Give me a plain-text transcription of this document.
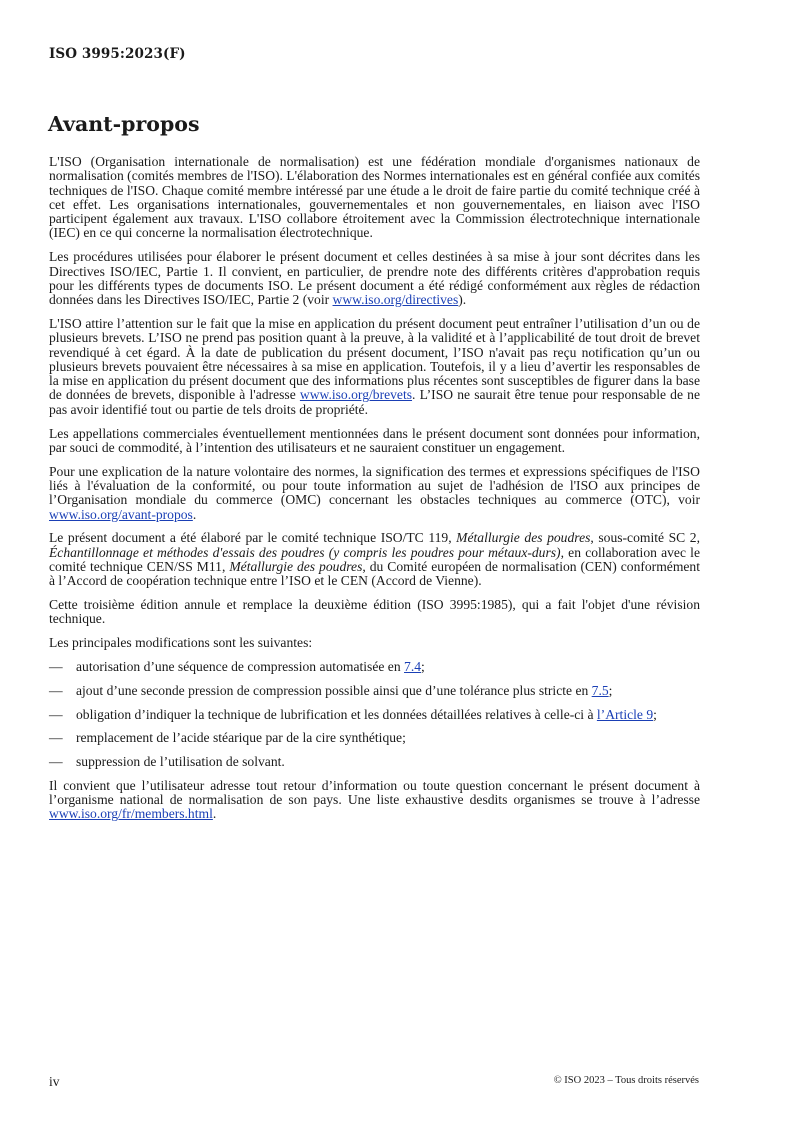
ISO 3995:2023(F)
Avant-propos

L'ISO (Organisation internationale de normalisation) est une fédération mondiale d'organismes nationaux de normalisation (comités membres de l'ISO). L'élaboration des Normes internationales est en général confiée aux comités techniques de l'ISO. Chaque comité membre intéressé par une étude a le droit de faire partie du comité technique créé à cet effet. Les organisations internationales, gouvernementales et non gouvernementales, en liaison avec l'ISO participent également aux travaux. L'ISO collabore étroitement avec la Commission électrotechnique internationale (IEC) en ce qui concerne la normalisation électrotechnique.

Les procédures utilisées pour élaborer le présent document et celles destinées à sa mise à jour sont décrites dans les Directives ISO/IEC, Partie 1. Il convient, en particulier, de prendre note des différents critères d'approbation requis pour les différents types de documents ISO. Le présent document a été rédigé conformément aux règles de rédaction données dans les Directives ISO/IEC, Partie 2 (voir www.iso.org/directives).

L'ISO attire l’attention sur le fait que la mise en application du présent document peut entraîner l’utilisation d’un ou de plusieurs brevets. L’ISO ne prend pas position quant à la preuve, à la validité et à l’applicabilité de tout droit de brevet revendiqué à cet égard. À la date de publication du présent document, l’ISO n'avait pas reçu notification qu’un ou plusieurs brevets pouvaient être nécessaires à sa mise en application. Toutefois, il y a lieu d’avertir les responsables de la mise en application du présent document que des informations plus récentes sont susceptibles de figurer dans la base de données de brevets, disponible à l'adresse www.iso.org/brevets. L’ISO ne saurait être tenue pour responsable de ne pas avoir identifié tout ou partie de tels droits de propriété.

Les appellations commerciales éventuellement mentionnées dans le présent document sont données pour information, par souci de commodité, à l’intention des utilisateurs et ne sauraient constituer un engagement.

Pour une explication de la nature volontaire des normes, la signification des termes et expressions spécifiques de l'ISO liés à l'évaluation de la conformité, ou pour toute information au sujet de l'adhésion de l'ISO aux principes de l’Organisation mondiale du commerce (OMC) concernant les obstacles techniques au commerce (OTC), voir www.iso.org/avant-propos.

Le présent document a été élaboré par le comité technique ISO/TC 119, Métallurgie des poudres, sous-comité SC 2, Échantillonnage et méthodes d'essais des poudres (y compris les poudres pour métaux-durs), en collaboration avec le comité technique CEN/SS M11, Métallurgie des poudres, du Comité européen de normalisation (CEN) conformément à l’Accord de coopération technique entre l’ISO et le CEN (Accord de Vienne).

Cette troisième édition annule et remplace la deuxième édition (ISO 3995:1985), qui a fait l'objet d'une révision technique.

Les principales modifications sont les suivantes:

— autorisation d’une séquence de compression automatisée en 7.4;
— ajout d’une seconde pression de compression possible ainsi que d’une tolérance plus stricte en 7.5;
— obligation d’indiquer la technique de lubrification et les données détaillées relatives à celle-ci à l’Article 9;
— remplacement de l’acide stéarique par de la cire synthétique;
— suppression de l’utilisation de solvant.

Il convient que l’utilisateur adresse tout retour d’information ou toute question concernant le présent document à l’organisme national de normalisation de son pays. Une liste exhaustive desdits organismes se trouve à l’adresse www.iso.org/fr/members.html.

iv	© ISO 2023 – Tous droits réservés
